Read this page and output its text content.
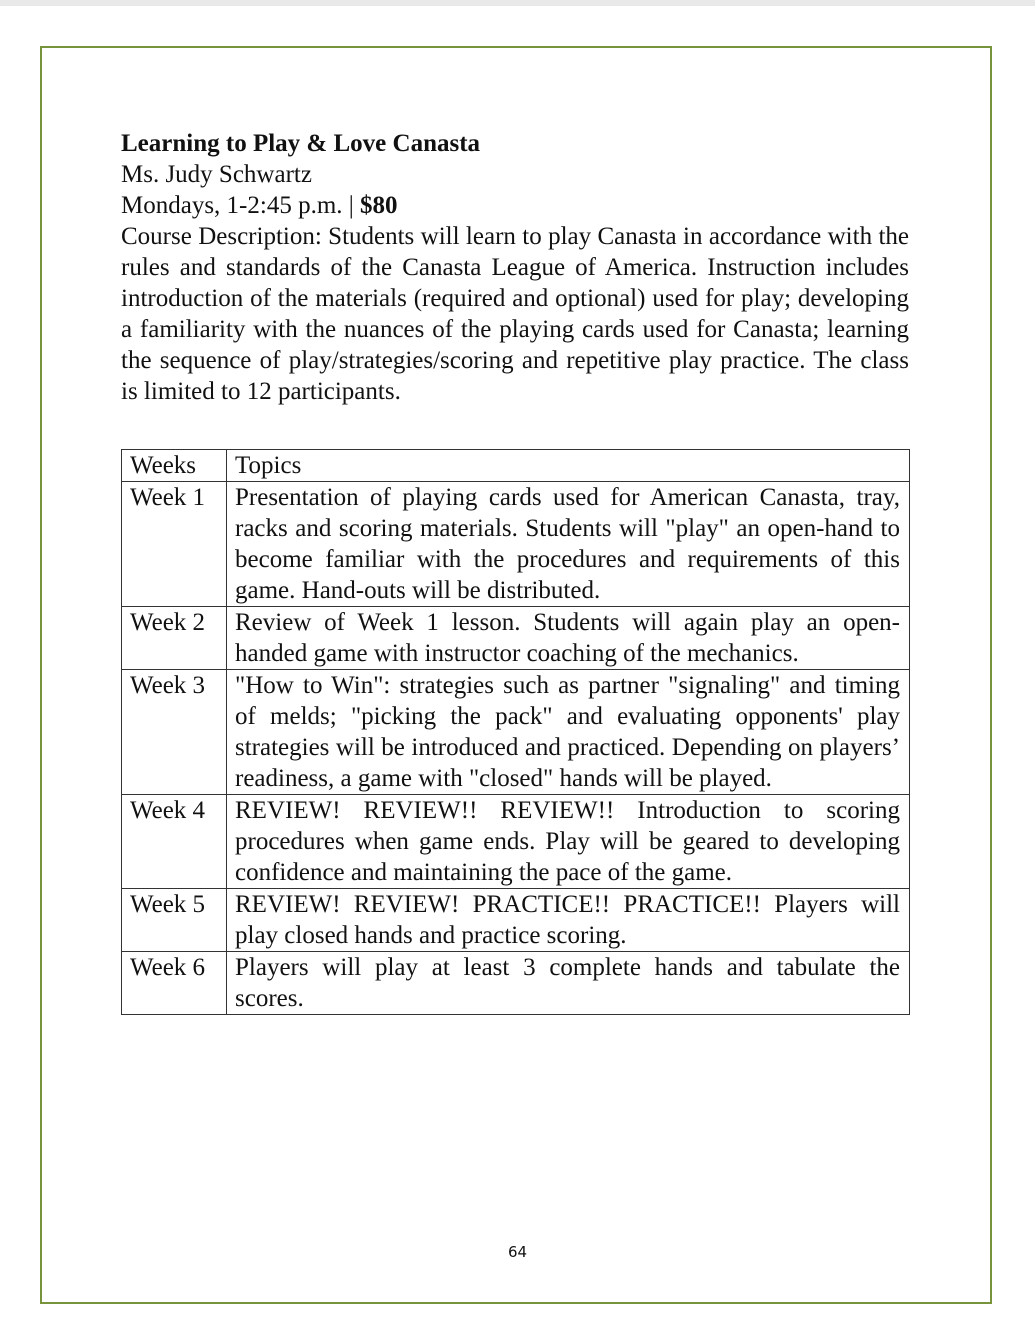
Learning to Play & Love Canasta

Ms. Judy Schwartz

Mondays, 1-2:45 p.m. | $80

Course Description: Students will learn to play Canasta in accordance with the rules and standards of the Canasta League of America. Instruction includes introduction of the materials (required and optional) used for play; developing a familiarity with the nuances of the playing cards used for Canasta; learning the sequence of play/strategies/scoring and repetitive play practice. The class is limited to 12 participants.

Weeks	Topics
Week 1	Presentation of playing cards used for American Canasta, tray, racks and scoring materials. Students will "play" an open-hand to become familiar with the procedures and requirements of this game. Hand-outs will be distributed.
Week 2	Review of Week 1 lesson. Students will again play an open-handed game with instructor coaching of the mechanics.
Week 3	"How to Win": strategies such as partner "signaling" and timing of melds; "picking the pack" and evaluating opponents' play strategies will be introduced and practiced. Depending on players’ readiness, a game with "closed" hands will be played.
Week 4	REVIEW! REVIEW!! REVIEW!! Introduction to scoring procedures when game ends. Play will be geared to developing confidence and maintaining the pace of the game.
Week 5	REVIEW! REVIEW! PRACTICE!! PRACTICE!! Players will play closed hands and practice scoring.
Week 6	Players will play at least 3 complete hands and tabulate the scores.
64
